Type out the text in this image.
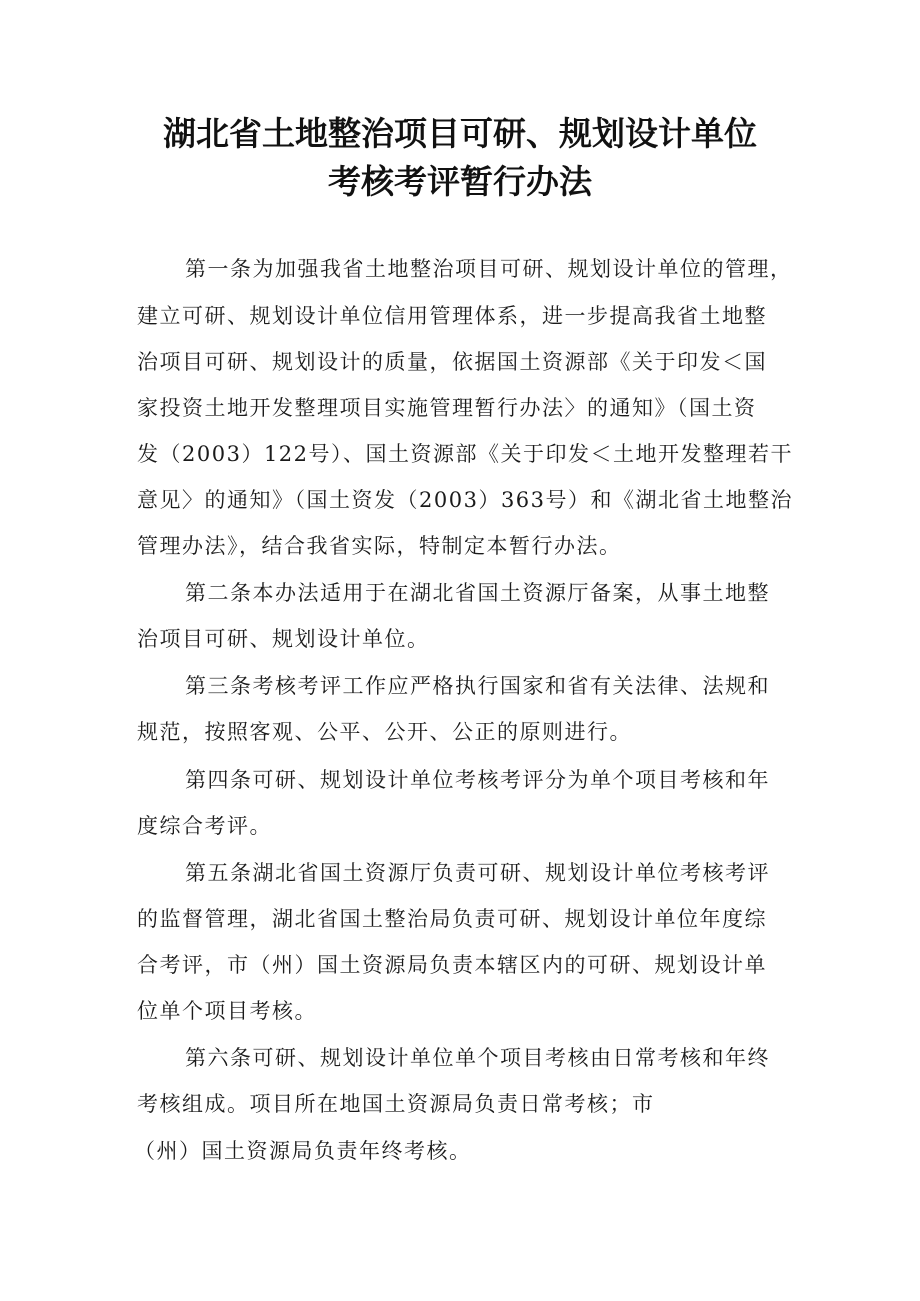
湖北省土地整治项目可研、规划设计单位
考核考评暂行办法
第一条为加强我省土地整治项目可研、规划设计单位的管理，
建立可研、规划设计单位信用管理体系，进一步提高我省土地整
治项目可研、规划设计的质量，依据国土资源部《关于印发＜国
家投资土地开发整理项目实施管理暂行办法〉的通知》（国土资
发（2003）122号）、国土资源部《关于印发＜土地开发整理若干
意见〉的通知》（国土资发（2003）363号）和《湖北省土地整治
管理办法》，结合我省实际，特制定本暂行办法。
第二条本办法适用于在湖北省国土资源厅备案，从事土地整
治项目可研、规划设计单位。
第三条考核考评工作应严格执行国家和省有关法律、法规和
规范，按照客观、公平、公开、公正的原则进行。
第四条可研、规划设计单位考核考评分为单个项目考核和年
度综合考评。
第五条湖北省国土资源厅负责可研、规划设计单位考核考评
的监督管理，湖北省国土整治局负责可研、规划设计单位年度综
合考评，市（州）国土资源局负责本辖区内的可研、规划设计单
位单个项目考核。
第六条可研、规划设计单位单个项目考核由日常考核和年终
考核组成。项目所在地国土资源局负责日常考核；市
（州）国土资源局负责年终考核。
